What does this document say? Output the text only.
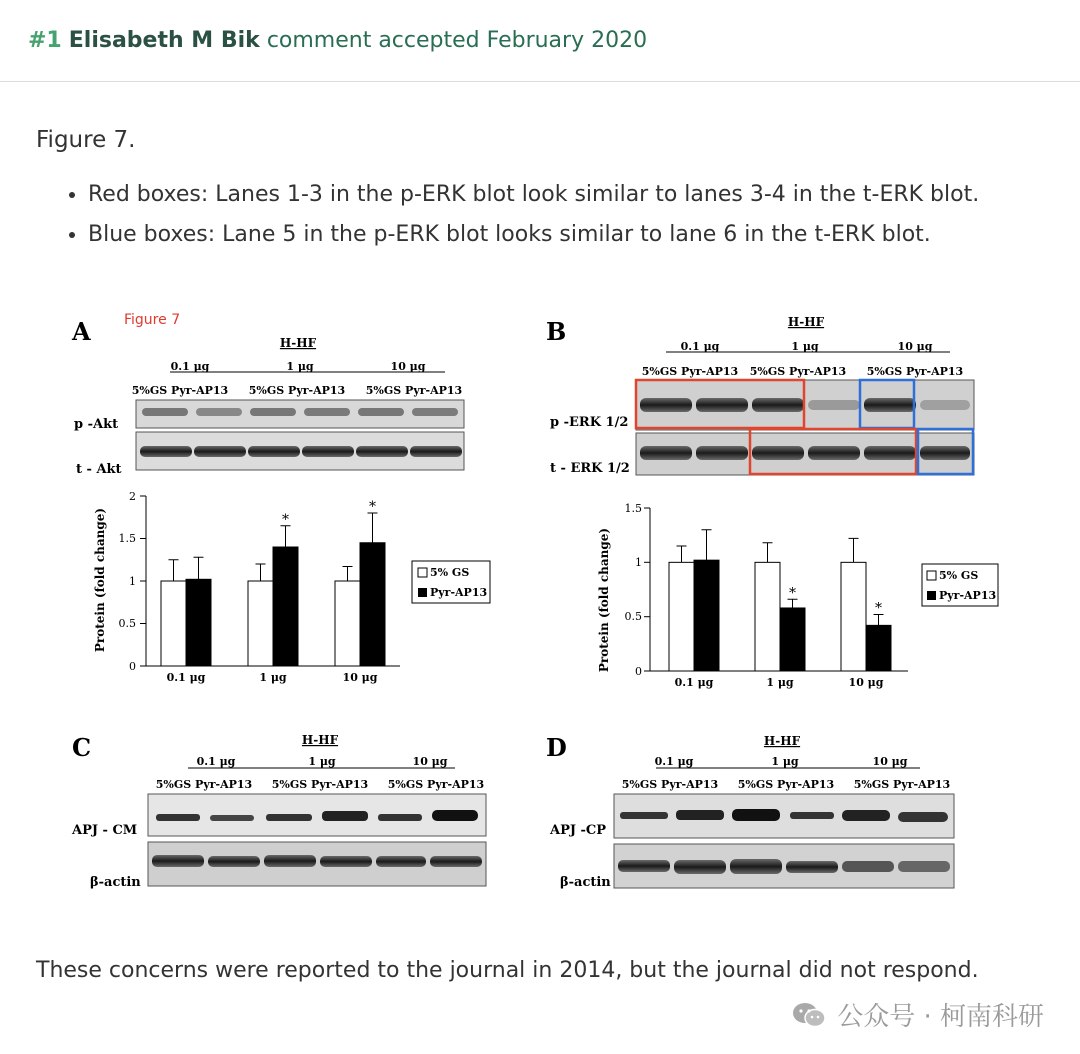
#1 Elisabeth M Bik comment accepted February 2020
Figure 7.
• Red boxes: Lanes 1-3 in the p-ERK blot look similar to lanes 3-4 in the t-ERK blot.
• Blue boxes: Lane 5 in the p-ERK blot looks similar to lane 6 in the t-ERK blot.
A Figure 7
H-HF
0.1 μg	1 μg	10 μg
5%GS Pyr-AP13 5%GS Pyr-AP13 5%GS Pyr-AP13
p -Akt
t - Akt
Protein (fold change)
2
1.5
1
0.5
0
*
*
0.1 μg	1 μg	10 μg
5% GS
Pyr-AP13
B	H-HF
0.1 μg	1 μg	10 μg
5%GS Pyr-AP13 5%GS Pyr-AP13 5%GS Pyr-AP13
p -ERK 1/2
t - ERK 1/2
Protein (fold change)
1.5
1
0.5
0
*
*
0.1 μg	1 μg	10 μg
5% GS
Pyr-AP13
C	H-HF
0.1 μg	1 μg	10 μg
5%GS Pyr-AP13 5%GS Pyr-AP13 5%GS Pyr-AP13
APJ - CM
β-actin
D	H-HF
0.1 μg	1 μg	10 μg
5%GS Pyr-AP13 5%GS Pyr-AP13 5%GS Pyr-AP13
APJ -CP
β-actin
These concerns were reported to the journal in 2014, but the journal did not respond.
公众号 · 柯南科研
